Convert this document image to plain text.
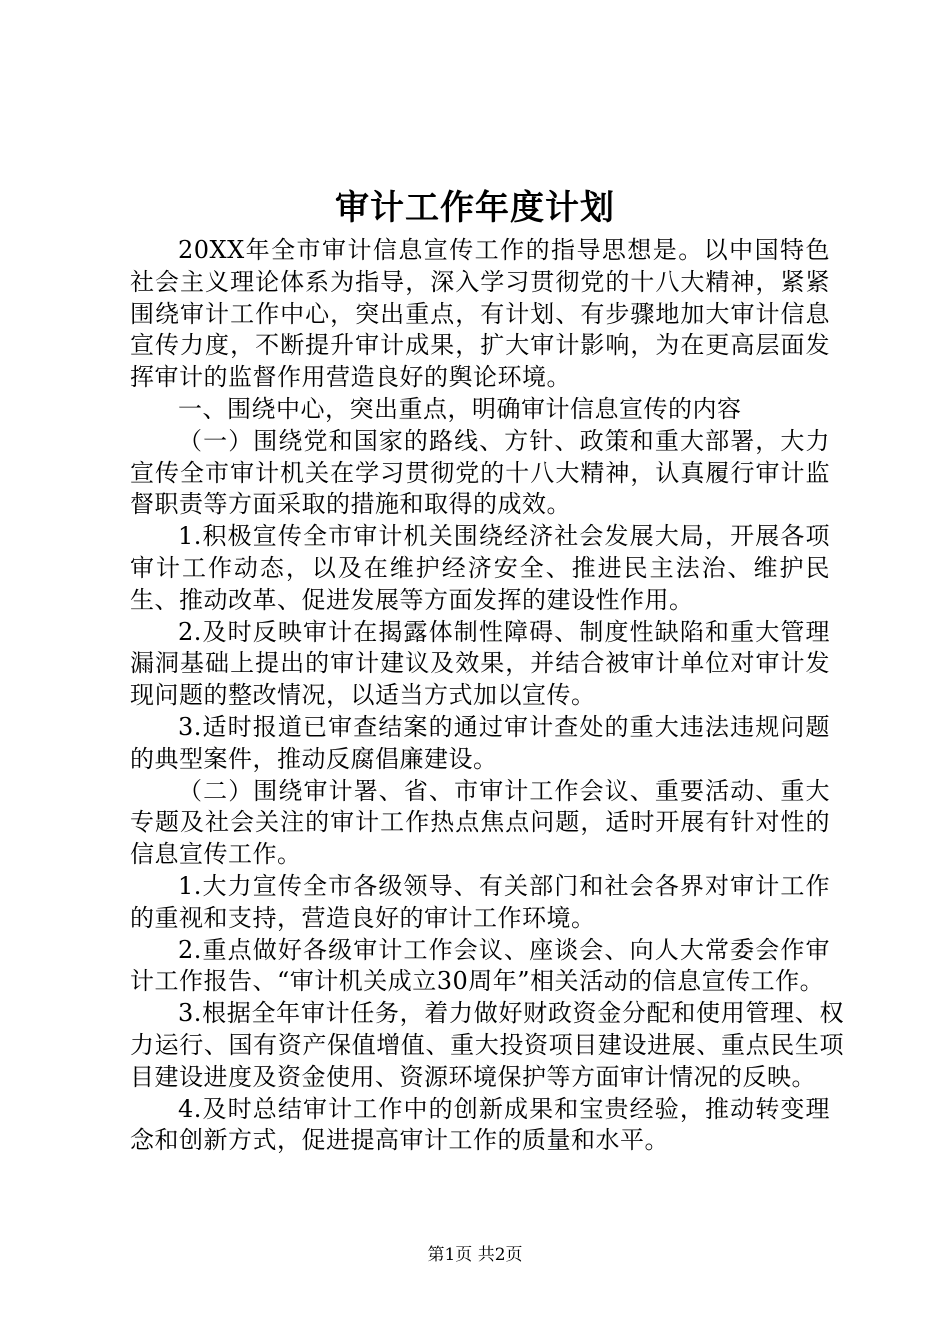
审计工作年度计划

20XX年全市审计信息宣传工作的指导思想是。以中国特色社会主义理论体系为指导，深入学习贯彻党的十八大精神，紧紧围绕审计工作中心，突出重点，有计划、有步骤地加大审计信息宣传力度，不断提升审计成果，扩大审计影响，为在更高层面发挥审计的监督作用营造良好的舆论环境。

一、围绕中心，突出重点，明确审计信息宣传的内容

（一）围绕党和国家的路线、方针、政策和重大部署，大力宣传全市审计机关在学习贯彻党的十八大精神，认真履行审计监督职责等方面采取的措施和取得的成效。

1.积极宣传全市审计机关围绕经济社会发展大局，开展各项审计工作动态，以及在维护经济安全、推进民主法治、维护民生、推动改革、促进发展等方面发挥的建设性作用。

2.及时反映审计在揭露体制性障碍、制度性缺陷和重大管理漏洞基础上提出的审计建议及效果，并结合被审计单位对审计发现问题的整改情况，以适当方式加以宣传。

3.适时报道已审查结案的通过审计查处的重大违法违规问题的典型案件，推动反腐倡廉建设。

（二）围绕审计署、省、市审计工作会议、重要活动、重大专题及社会关注的审计工作热点焦点问题，适时开展有针对性的信息宣传工作。

1.大力宣传全市各级领导、有关部门和社会各界对审计工作的重视和支持，营造良好的审计工作环境。

2.重点做好各级审计工作会议、座谈会、向人大常委会作审计工作报告、“审计机关成立30周年”相关活动的信息宣传工作。

3.根据全年审计任务，着力做好财政资金分配和使用管理、权力运行、国有资产保值增值、重大投资项目建设进展、重点民生项目建设进度及资金使用、资源环境保护等方面审计情况的反映。

4.及时总结审计工作中的创新成果和宝贵经验，推动转变理念和创新方式，促进提高审计工作的质量和水平。

第1页 共2页
